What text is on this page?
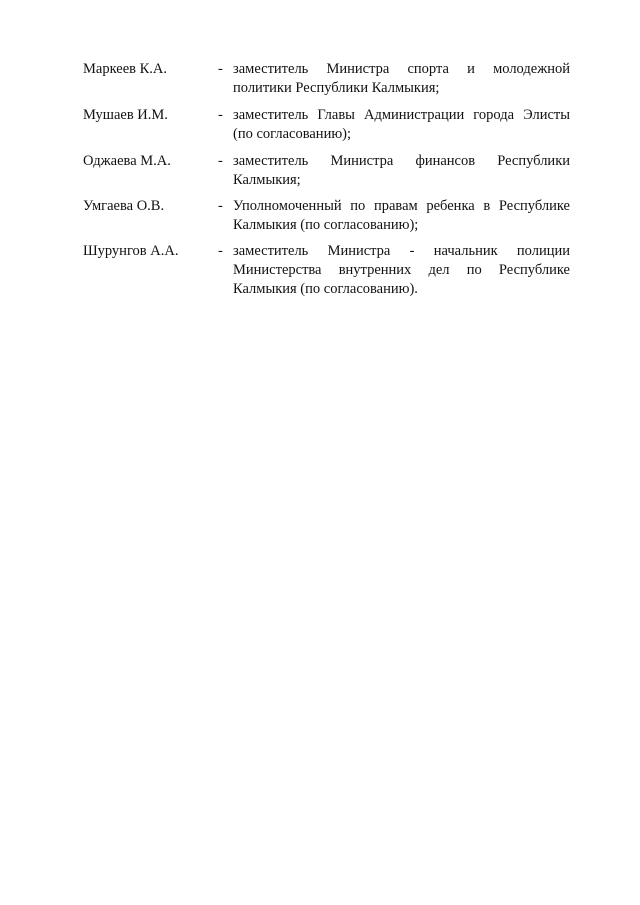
Маркеев К.А.	- заместитель Министра спорта и молодежной
политики Республики Калмыкия;
Мушаев И.М.	- заместитель Главы Администрации города Элисты
(по согласованию);
Оджаева М.А.	- заместитель Министра финансов Республики
Калмыкия;
Умгаева О.В.	- Уполномоченный по правам ребенка в Республике
Калмыкия (по согласованию);
Шурунгов А.А.	- заместитель Министра - начальник полиции
Министерства внутренних дел по Республике
Калмыкия (по согласованию).
